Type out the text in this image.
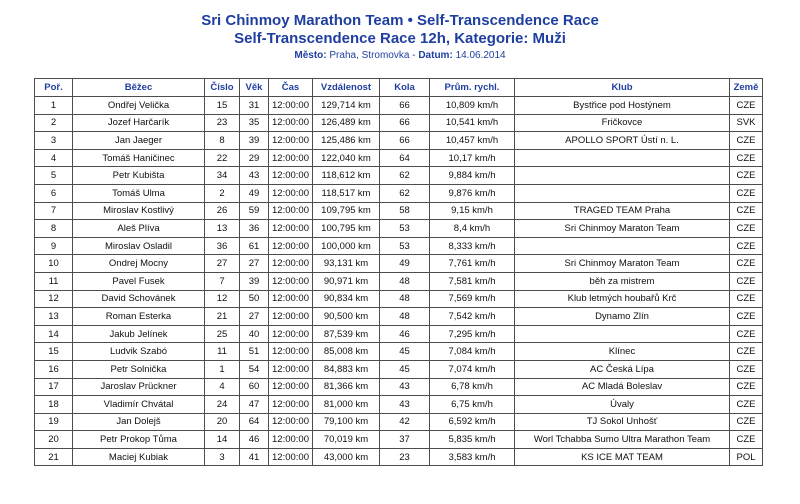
Sri Chinmoy Marathon Team • Self-Transcendence Race
Self-Transcendence Race 12h, Kategorie: Muži
Město: Praha, Stromovka - Datum: 14.06.2014
Poř.	Běžec	Číslo	Věk	Čas	Vzdálenost	Kola	Prům. rychl.	Klub	Země
1	Ondřej Velička	15	31	12:00:00	129,714 km	66	10,809 km/h	Bystřice pod Hostýnem	CZE
2	Jozef Harčarík	23	35	12:00:00	126,489 km	66	10,541 km/h	Fričkovce	SVK
3	Jan Jaeger	8	39	12:00:00	125,486 km	66	10,457 km/h	APOLLO SPORT Ústí n. L.	CZE
4	Tomáš Haničinec	22	29	12:00:00	122,040 km	64	10,17 km/h		CZE
5	Petr Kubišta	34	43	12:00:00	118,612 km	62	9,884 km/h		CZE
6	Tomáš Ulma	2	49	12:00:00	118,517 km	62	9,876 km/h		CZE
7	Miroslav Kostlivý	26	59	12:00:00	109,795 km	58	9,15 km/h	TRAGED TEAM Praha	CZE
8	Aleš Plíva	13	36	12:00:00	100,795 km	53	8,4 km/h	Sri Chinmoy Maraton Team	CZE
9	Miroslav Osladil	36	61	12:00:00	100,000 km	53	8,333 km/h		CZE
10	Ondrej Mocny	27	27	12:00:00	93,131 km	49	7,761 km/h	Sri Chinmoy Maraton Team	CZE
11	Pavel Fusek	7	39	12:00:00	90,971 km	48	7,581 km/h	běh za mistrem	CZE
12	David Schovánek	12	50	12:00:00	90,834 km	48	7,569 km/h	Klub letmých houbařů Krč	CZE
13	Roman Esterka	21	27	12:00:00	90,500 km	48	7,542 km/h	Dynamo Zlín	CZE
14	Jakub Jelínek	25	40	12:00:00	87,539 km	46	7,295 km/h		CZE
15	Ludvik Szabó	11	51	12:00:00	85,008 km	45	7,084 km/h	Klínec	CZE
16	Petr Solnička	1	54	12:00:00	84,883 km	45	7,074 km/h	AC Česká Lípa	CZE
17	Jaroslav Prückner	4	60	12:00:00	81,366 km	43	6,78 km/h	AC Mladá Boleslav	CZE
18	Vladimír Chvátal	24	47	12:00:00	81,000 km	43	6,75 km/h	Úvaly	CZE
19	Jan Dolejš	20	64	12:00:00	79,100 km	42	6,592 km/h	TJ Sokol Unhošť	CZE
20	Petr Prokop Tůma	14	46	12:00:00	70,019 km	37	5,835 km/h	Worl Tchabba Sumo Ultra Marathon Team	CZE
21	Maciej Kubiak	3	41	12:00:00	43,000 km	23	3,583 km/h	KS ICE MAT TEAM	POL
